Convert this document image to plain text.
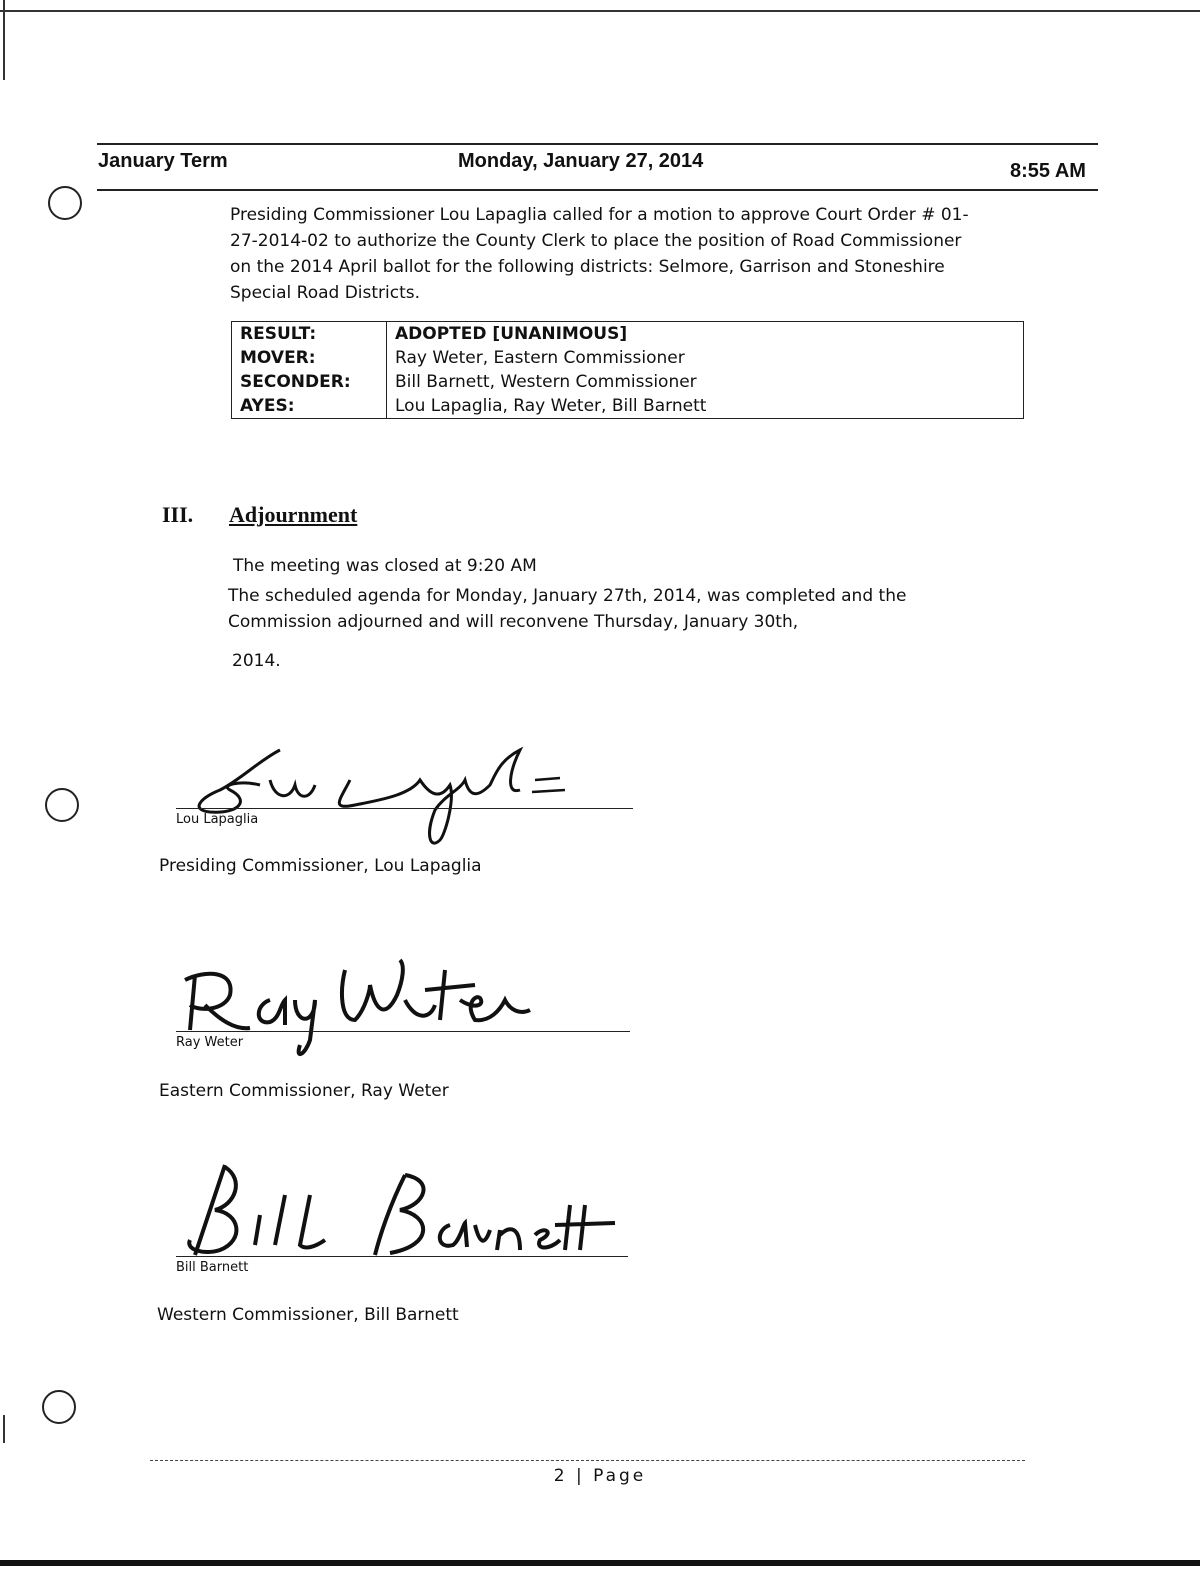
January Term	Monday, January 27, 2014	8:55 AM
Presiding Commissioner Lou Lapaglia called for a motion to approve Court Order # 01-
27-2014-02 to authorize the County Clerk to place the position of Road Commissioner
on the 2014 April ballot for the following districts: Selmore, Garrison and Stoneshire
Special Road Districts.
RESULT:	ADOPTED [UNANIMOUS]
MOVER:	Ray Weter, Eastern Commissioner
SECONDER:	Bill Barnett, Western Commissioner
AYES:	Lou Lapaglia, Ray Weter, Bill Barnett
III. Adjournment
The meeting was closed at 9:20 AM
The scheduled agenda for Monday, January 27th, 2014, was completed and the
Commission adjourned and will reconvene Thursday, January 30th,
2014.
Lou Lapaglia
Presiding Commissioner, Lou Lapaglia
Ray Weter
Eastern Commissioner, Ray Weter
Bill Barnett
Western Commissioner, Bill Barnett
2 | Page
